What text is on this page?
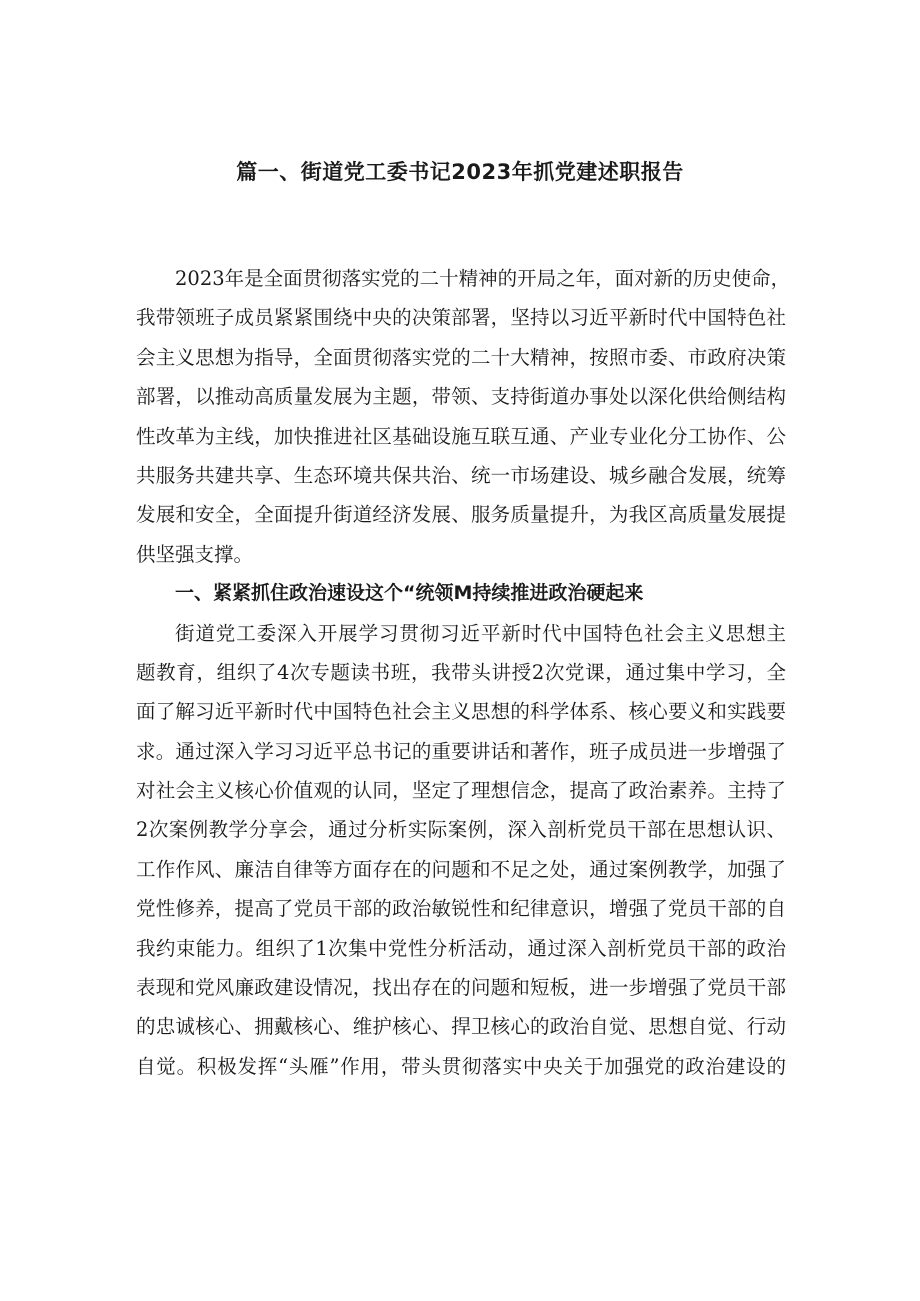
篇一、街道党工委书记2023年抓党建述职报告
2023年是全面贯彻落实党的二十精神的开局之年，面对新的历史使命，
我带领班子成员紧紧围绕中央的决策部署，坚持以习近平新时代中国特色社
会主义思想为指导，全面贯彻落实党的二十大精神，按照市委、市政府决策
部署，以推动高质量发展为主题，带领、支持街道办事处以深化供给侧结构
性改革为主线，加快推进社区基础设施互联互通、产业专业化分工协作、公
共服务共建共享、生态环境共保共治、统一市场建设、城乡融合发展，统筹
发展和安全，全面提升街道经济发展、服务质量提升，为我区高质量发展提
供坚强支撑。
一、紧紧抓住政治速设这个“统领M持续推进政治硬起来
街道党工委深入开展学习贯彻习近平新时代中国特色社会主义思想主
题教育，组织了4次专题读书班，我带头讲授2次党课，通过集中学习，全
面了解习近平新时代中国特色社会主义思想的科学体系、核心要义和实践要
求。通过深入学习习近平总书记的重要讲话和著作，班子成员进一步增强了
对社会主义核心价值观的认同，坚定了理想信念，提高了政治素养。主持了
2次案例教学分享会，通过分析实际案例，深入剖析党员干部在思想认识、
工作作风、廉洁自律等方面存在的问题和不足之处，通过案例教学，加强了
党性修养，提高了党员干部的政治敏锐性和纪律意识，增强了党员干部的自
我约束能力。组织了1次集中党性分析活动，通过深入剖析党员干部的政治
表现和党风廉政建设情况，找出存在的问题和短板，进一步增强了党员干部
的忠诚核心、拥戴核心、维护核心、捍卫核心的政治自觉、思想自觉、行动
自觉。积极发挥“头雁”作用，带头贯彻落实中央关于加强党的政治建设的
